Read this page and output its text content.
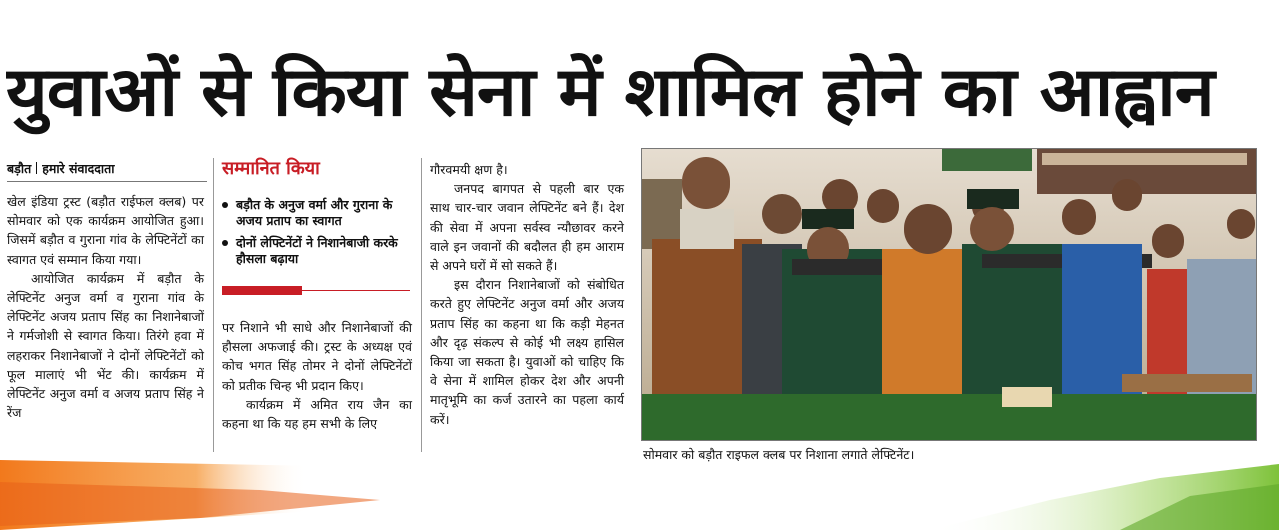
युवाओं से किया सेना में शामिल होने का आह्वान
बड़ौत हमारे संवाददाता

खेल इंडिया ट्रस्ट (बड़ौत राईफल क्लब) पर सोमवार को एक कार्यक्रम आयोजित हुआ। जिसमें बड़ौत व गुराना गांव के लेफ्टिनेंटों का स्वागत एवं सम्मान किया गया।

आयोजित कार्यक्रम में बड़ौत के लेफ्टिनेंट अनुज वर्मा व गुराना गांव के लेफ्टिनेंट अजय प्रताप सिंह का निशानेबाजों ने गर्मजोशी से स्वागत किया। तिरंगे हवा में लहराकर निशानेबाजों ने दोनों लेफ्टिनेंटों को फूल मालाएं भी भेंट की। कार्यक्रम में लेफ्टिनेंट अनुज वर्मा व अजय प्रताप सिंह ने रेंज

सम्मानित किया
बड़ौत के अनुज वर्मा और गुराना के अजय प्रताप का स्वागत
दोनों लेफ्टिनेंटों ने निशानेबाजी करके हौसला बढ़ाया

पर निशाने भी साधे और निशानेबाजों की हौसला अफजाई की। ट्रस्ट के अध्यक्ष एवं कोच भगत सिंह तोमर ने दोनों लेफ्टिनेंटों को प्रतीक चिन्ह भी प्रदान किए।

कार्यक्रम में अमित राय जैन का कहना था कि यह हम सभी के लिए

गौरवमयी क्षण है।

जनपद बागपत से पहली बार एक साथ चार-चार जवान लेफ्टिनेंट बने हैं। देश की सेवा में अपना सर्वस्व न्यौछावर करने वाले इन जवानों की बदौलत ही हम आराम से अपने घरों में सो सकते हैं।

इस दौरान निशानेबाजों को संबोधित करते हुए लेफ्टिनेंट अनुज वर्मा और अजय प्रताप सिंह का कहना था कि कड़ी मेहनत और दृढ़ संकल्प से कोई भी लक्ष्य हासिल किया जा सकता है। युवाओं को चाहिए कि वे सेना में शामिल होकर देश और अपनी मातृभूमि का कर्ज उतारने का पहला कार्य करें।

सोमवार को बड़ौत राइफल क्लब पर निशाना लगाते लेफ्टिनेंट।
